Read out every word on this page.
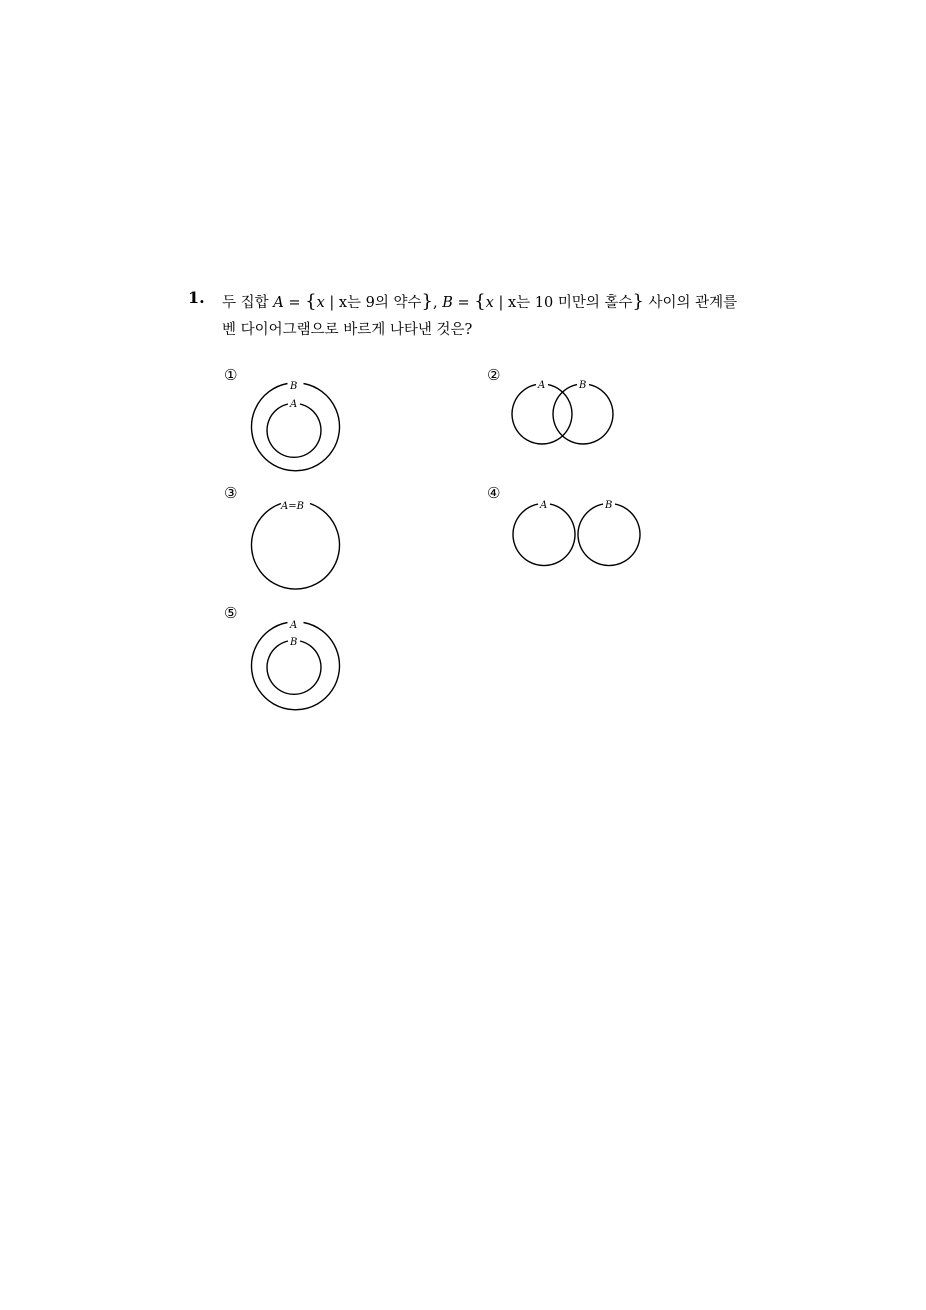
1. 두 집합 A = {x | x는 9의 약수}, B = {x | x는 10 미만의 홀수} 사이의 관계를
벤 다이어그램으로 바르게 나타낸 것은?
①
B
A
②
A	B
③
A=B
④
A	B
⑤
A
B
